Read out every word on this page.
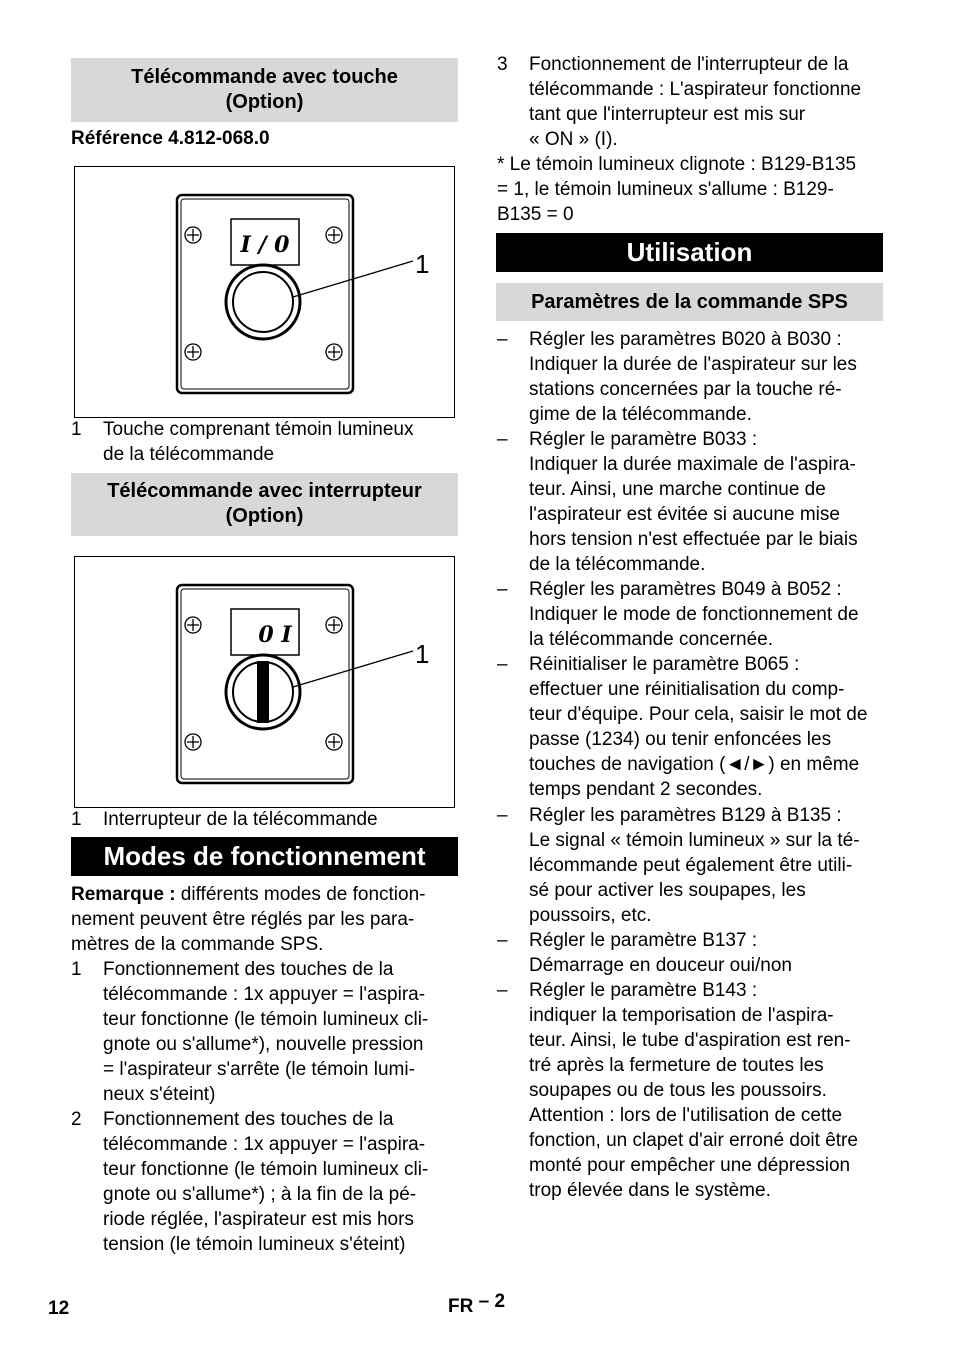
Télécommande avec touche
(Option)
Référence 4.812-068.0
I / 0
1
1 Touche comprenant témoin lumineux
de la télécommande
Télécommande avec interrupteur
(Option)
0 I
1
1 Interrupteur de la télécommande
Modes de fonctionnement
Remarque : différents modes de fonction-
nement peuvent être réglés par les para-
mètres de la commande SPS.
1 Fonctionnement des touches de la
télécommande : 1x appuyer = l'aspira-
teur fonctionne (le témoin lumineux cli-
gnote ou s'allume*), nouvelle pression
= l'aspirateur s'arrête (le témoin lumi-
neux s'éteint)
2 Fonctionnement des touches de la
télécommande : 1x appuyer = l'aspira-
teur fonctionne (le témoin lumineux cli-
gnote ou s'allume*) ; à la fin de la pé-
riode réglée, l'aspirateur est mis hors
tension (le témoin lumineux s'éteint)
3 Fonctionnement de l'interrupteur de la
télécommande : L'aspirateur fonctionne
tant que l'interrupteur est mis sur
« ON » (I).
* Le témoin lumineux clignote : B129-B135
= 1, le témoin lumineux s'allume : B129-
B135 = 0
Utilisation
Paramètres de la commande SPS
– Régler les paramètres B020 à B030 :
Indiquer la durée de l'aspirateur sur les
stations concernées par la touche ré-
gime de la télécommande.
– Régler le paramètre B033 :
Indiquer la durée maximale de l'aspira-
teur. Ainsi, une marche continue de
l'aspirateur est évitée si aucune mise
hors tension n'est effectuée par le biais
de la télécommande.
– Régler les paramètres B049 à B052 :
Indiquer le mode de fonctionnement de
la télécommande concernée.
– Réinitialiser le paramètre B065 :
effectuer une réinitialisation du comp-
teur d'équipe. Pour cela, saisir le mot de
passe (1234) ou tenir enfoncées les
touches de navigation (◄/►) en même
temps pendant 2 secondes.
– Régler les paramètres B129 à B135 :
Le signal « témoin lumineux » sur la té-
lécommande peut également être utili-
sé pour activer les soupapes, les
poussoirs, etc.
– Régler le paramètre B137 :
Démarrage en douceur oui/non
– Régler le paramètre B143 :
indiquer la temporisation de l'aspira-
teur. Ainsi, le tube d'aspiration est ren-
tré après la fermeture de toutes les
soupapes ou de tous les poussoirs.
Attention : lors de l'utilisation de cette
fonction, un clapet d'air erroné doit être
monté pour empêcher une dépression
trop élevée dans le système.
12	FR – 2
